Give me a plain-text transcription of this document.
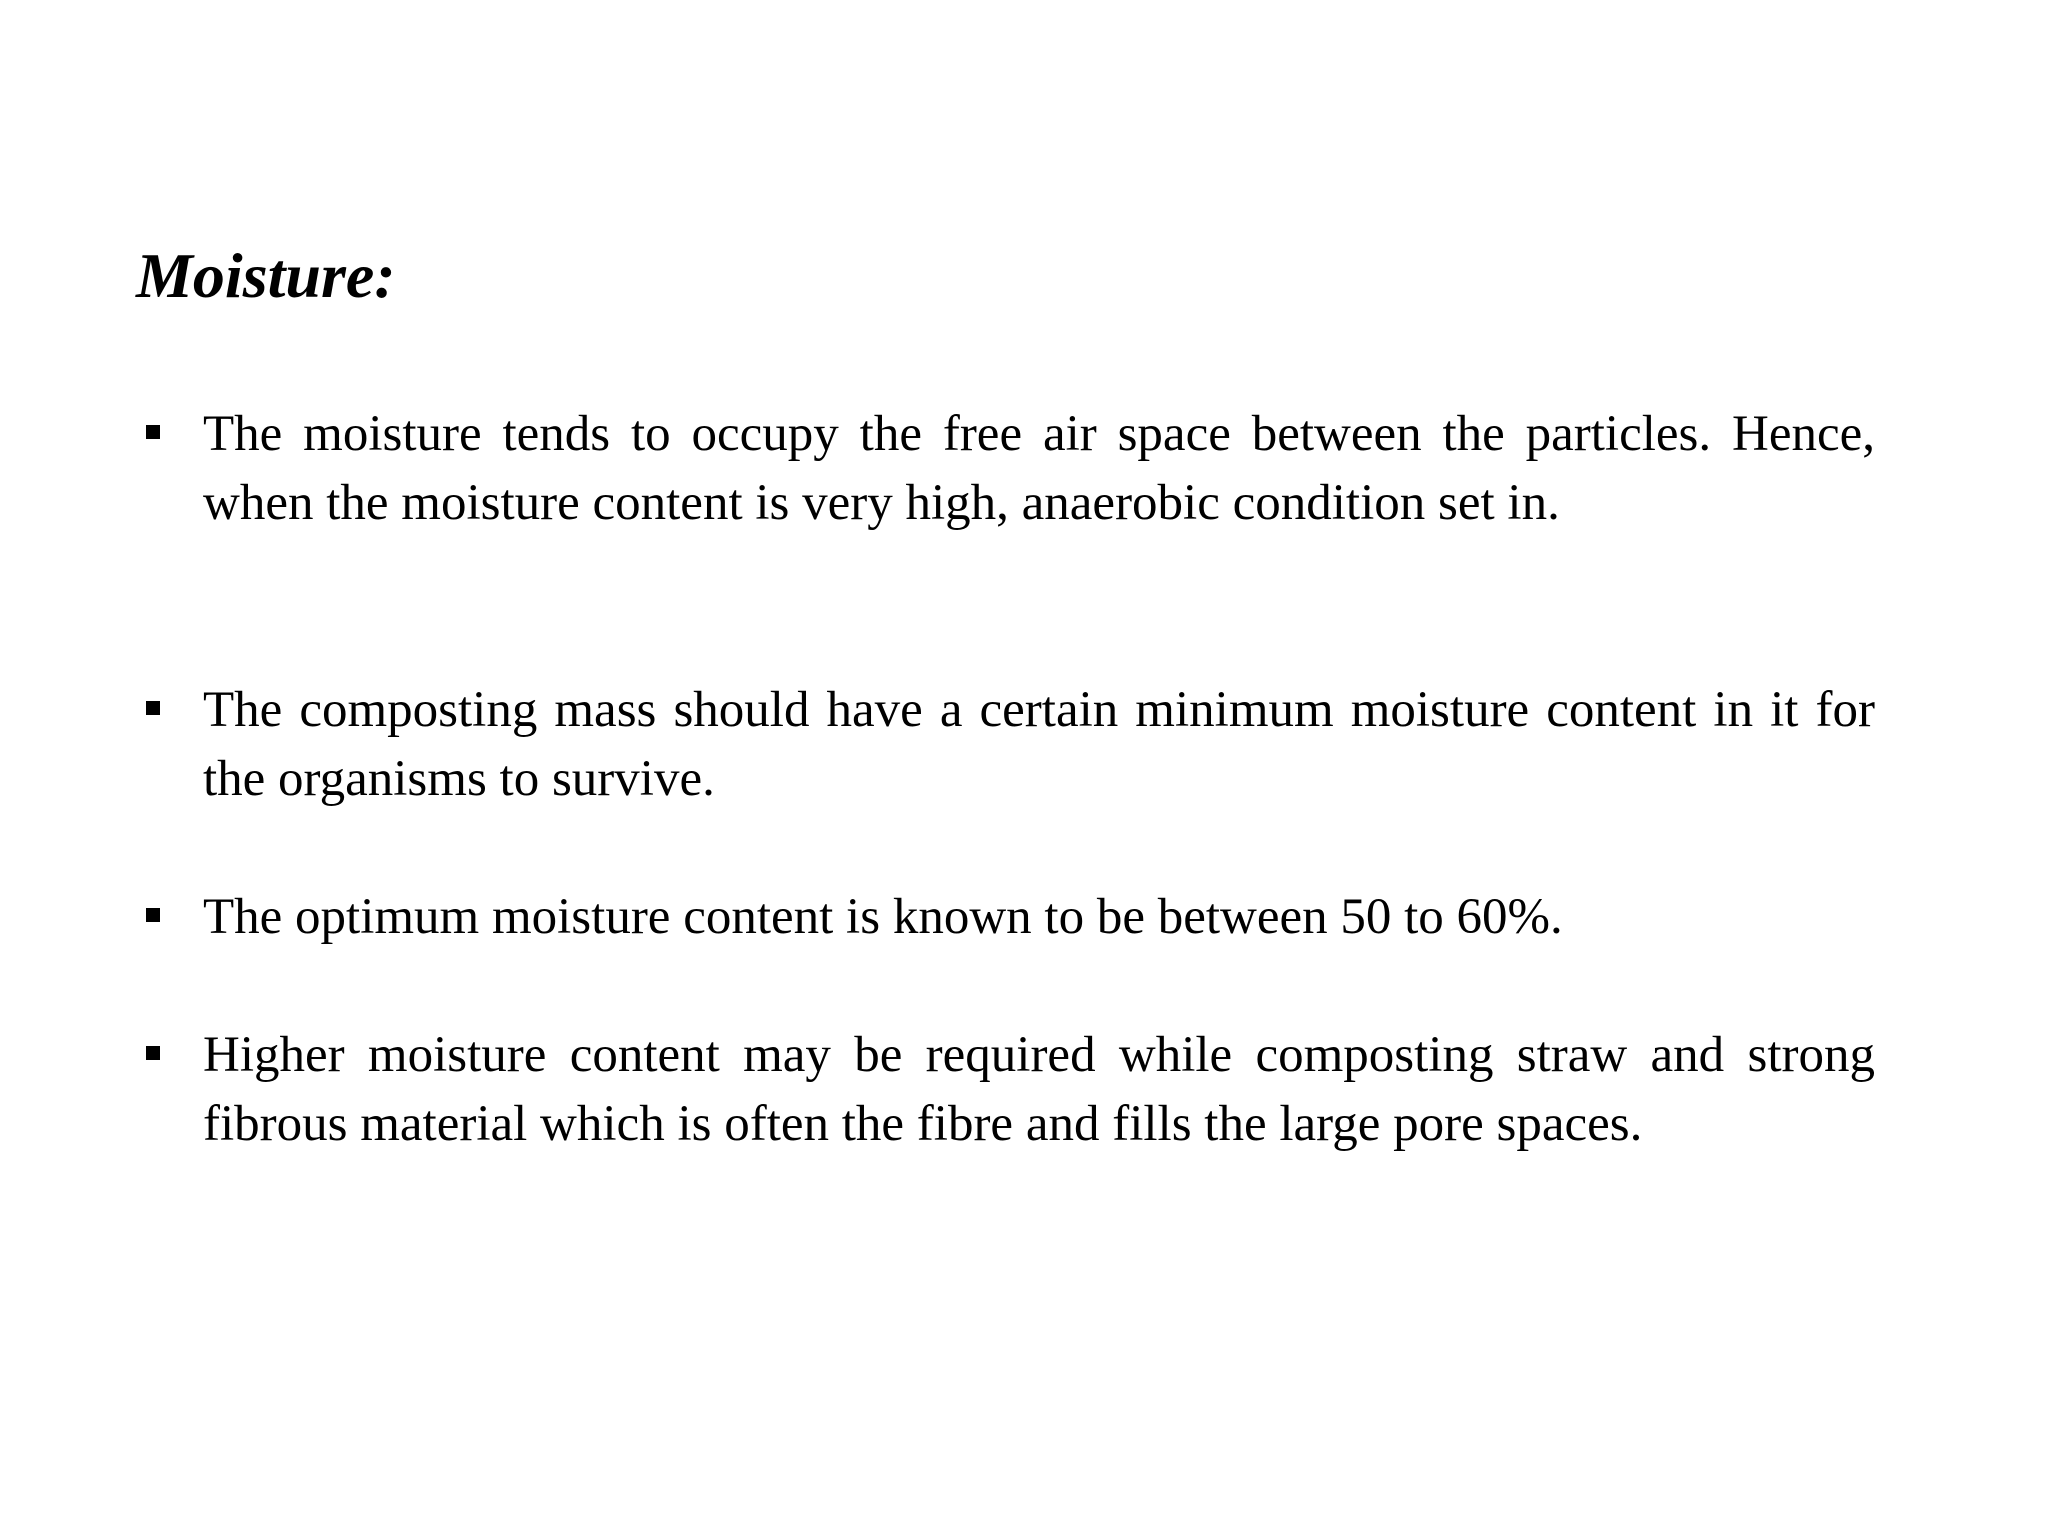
Moisture:
The moisture tends to occupy the free air space between the particles. Hence, when the moisture content is very high, anaerobic condition set in.
The composting mass should have a certain minimum moisture content in it for the organisms to survive.
The optimum moisture content is known to be between 50 to 60%.
Higher moisture content may be required while composting straw and strong fibrous material which is often the fibre and fills the large pore spaces.
